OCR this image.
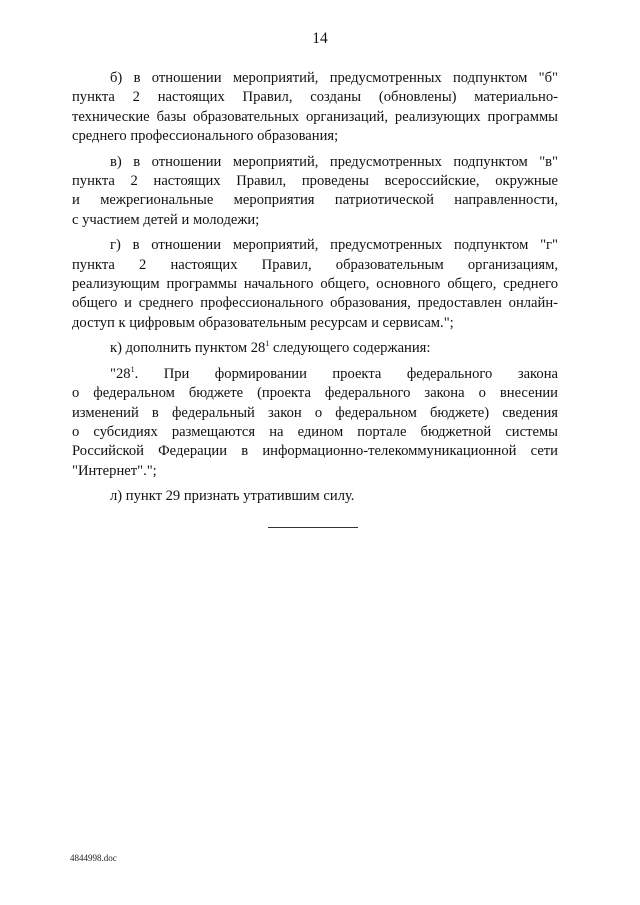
14
б) в отношении мероприятий, предусмотренных подпунктом "б"
пункта 2 настоящих Правил, созданы (обновлены) материально-
технические базы образовательных организаций, реализующих программы
среднего профессионального образования;
в) в отношении мероприятий, предусмотренных подпунктом "в"
пункта 2 настоящих Правил, проведены всероссийские, окружные
и межрегиональные мероприятия патриотической направленности,
с участием детей и молодежи;
г) в отношении мероприятий, предусмотренных подпунктом "г"
пункта 2 настоящих Правил, образовательным организациям,
реализующим программы начального общего, основного общего, среднего
общего и среднего профессионального образования, предоставлен онлайн-
доступ к цифровым образовательным ресурсам и сервисам.";
к) дополнить пунктом $28^1$ следующего содержания:
"$28^1$. При формировании проекта федерального закона
о федеральном бюджете (проекта федерального закона о внесении
изменений в федеральный закон о федеральном бюджете) сведения
о субсидиях размещаются на едином портале бюджетной системы
Российской Федерации в информационно-телекоммуникационной сети
"Интернет".";
л) пункт 29 признать утратившим силу.
4844998.doc
